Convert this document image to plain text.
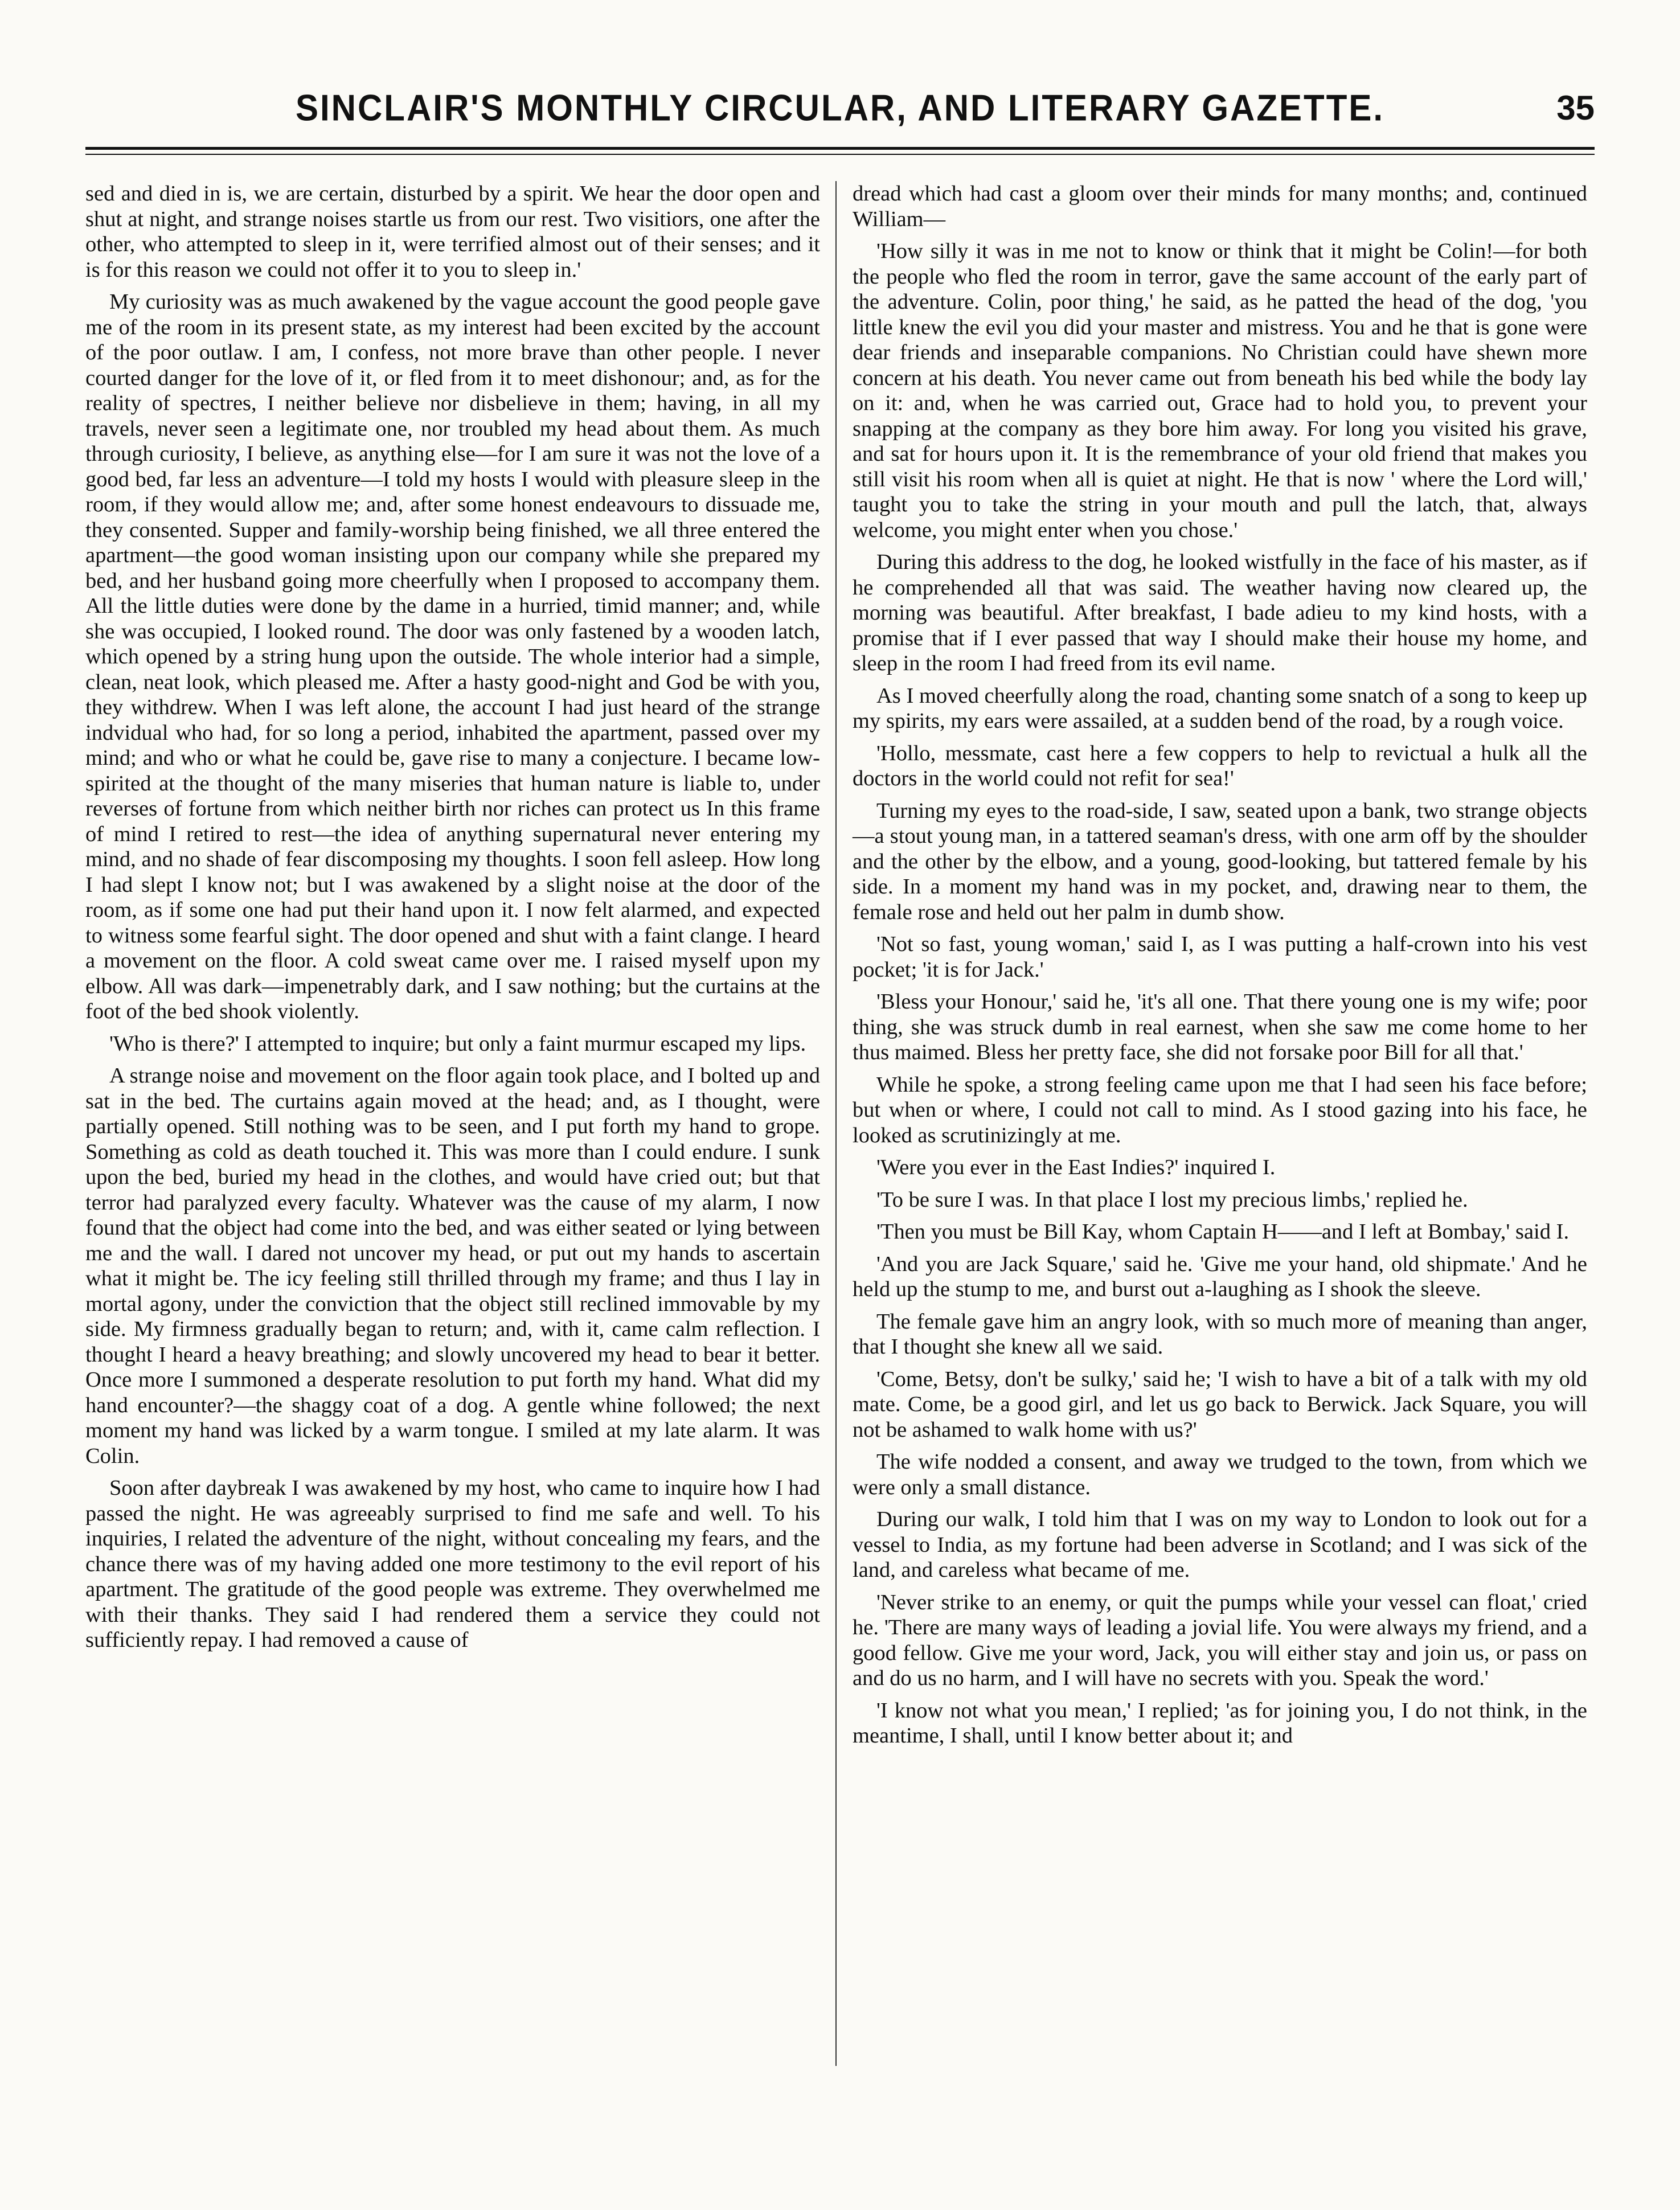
SINCLAIR'S MONTHLY CIRCULAR, AND LITERARY GAZETTE.	35

sed and died in is, we are certain, disturbed by a spirit. We hear the door open and shut at night, and strange noises startle us from our rest. Two visitiors, one after the other, who attempted to sleep in it, were terrified almost out of their senses; and it is for this reason we could not offer it to you to sleep in.'

My curiosity was as much awakened by the vague account the good people gave me of the room in its present state, as my interest had been excited by the account of the poor outlaw. I am, I confess, not more brave than other people. I never courted danger for the love of it, or fled from it to meet dishonour; and, as for the reality of spectres, I neither believe nor disbelieve in them; having, in all my travels, never seen a legitimate one, nor troubled my head about them. As much through curiosity, I believe, as anything else—for I am sure it was not the love of a good bed, far less an adventure—I told my hosts I would with pleasure sleep in the room, if they would allow me; and, after some honest endeavours to dissuade me, they consented. Supper and family-worship being finished, we all three entered the apartment—the good woman insisting upon our company while she prepared my bed, and her husband going more cheerfully when I proposed to accompany them. All the little duties were done by the dame in a hurried, timid manner; and, while she was occupied, I looked round. The door was only fastened by a wooden latch, which opened by a string hung upon the outside. The whole interior had a simple, clean, neat look, which pleased me. After a hasty good-night and God be with you, they withdrew. When I was left alone, the account I had just heard of the strange indvidual who had, for so long a period, inhabited the apartment, passed over my mind; and who or what he could be, gave rise to many a conjecture. I became low-spirited at the thought of the many miseries that human nature is liable to, under reverses of fortune from which neither birth nor riches can protect us In this frame of mind I retired to rest—the idea of anything supernatural never entering my mind, and no shade of fear discomposing my thoughts. I soon fell asleep. How long I had slept I know not; but I was awakened by a slight noise at the door of the room, as if some one had put their hand upon it. I now felt alarmed, and expected to witness some fearful sight. The door opened and shut with a faint clange. I heard a movement on the floor. A cold sweat came over me. I raised myself upon my elbow. All was dark—impenetrably dark, and I saw nothing; but the curtains at the foot of the bed shook violently.

'Who is there?' I attempted to inquire; but only a faint murmur escaped my lips.

A strange noise and movement on the floor again took place, and I bolted up and sat in the bed. The curtains again moved at the head; and, as I thought, were partially opened. Still nothing was to be seen, and I put forth my hand to grope. Something as cold as death touched it. This was more than I could endure. I sunk upon the bed, buried my head in the clothes, and would have cried out; but that terror had paralyzed every faculty. Whatever was the cause of my alarm, I now found that the object had come into the bed, and was either seated or lying between me and the wall. I dared not uncover my head, or put out my hands to ascertain what it might be. The icy feeling still thrilled through my frame; and thus I lay in mortal agony, under the conviction that the object still reclined immovable by my side. My firmness gradually began to return; and, with it, came calm reflection. I thought I heard a heavy breathing; and slowly uncovered my head to bear it better. Once more I summoned a desperate resolution to put forth my hand. What did my hand encounter?—the shaggy coat of a dog. A gentle whine followed; the next moment my hand was licked by a warm tongue. I smiled at my late alarm. It was Colin.

Soon after daybreak I was awakened by my host, who came to inquire how I had passed the night. He was agreeably surprised to find me safe and well. To his inquiries, I related the adventure of the night, without concealing my fears, and the chance there was of my having added one more testimony to the evil report of his apartment. The gratitude of the good people was extreme. They overwhelmed me with their thanks. They said I had rendered them a service they could not sufficiently repay. I had removed a cause of

dread which had cast a gloom over their minds for many months; and, continued William—

'How silly it was in me not to know or think that it might be Colin!—for both the people who fled the room in terror, gave the same account of the early part of the adventure. Colin, poor thing,' he said, as he patted the head of the dog, 'you little knew the evil you did your master and mistress. You and he that is gone were dear friends and inseparable companions. No Christian could have shewn more concern at his death. You never came out from beneath his bed while the body lay on it: and, when he was carried out, Grace had to hold you, to prevent your snapping at the company as they bore him away. For long you visited his grave, and sat for hours upon it. It is the remembrance of your old friend that makes you still visit his room when all is quiet at night. He that is now ' where the Lord will,' taught you to take the string in your mouth and pull the latch, that, always welcome, you might enter when you chose.'

During this address to the dog, he looked wistfully in the face of his master, as if he comprehended all that was said. The weather having now cleared up, the morning was beautiful. After breakfast, I bade adieu to my kind hosts, with a promise that if I ever passed that way I should make their house my home, and sleep in the room I had freed from its evil name.

As I moved cheerfully along the road, chanting some snatch of a song to keep up my spirits, my ears were assailed, at a sudden bend of the road, by a rough voice.

'Hollo, messmate, cast here a few coppers to help to revictual a hulk all the doctors in the world could not refit for sea!'

Turning my eyes to the road-side, I saw, seated upon a bank, two strange objects—a stout young man, in a tattered seaman's dress, with one arm off by the shoulder and the other by the elbow, and a young, good-looking, but tattered female by his side. In a moment my hand was in my pocket, and, drawing near to them, the female rose and held out her palm in dumb show.

'Not so fast, young woman,' said I, as I was putting a half-crown into his vest pocket; 'it is for Jack.'

'Bless your Honour,' said he, 'it's all one. That there young one is my wife; poor thing, she was struck dumb in real earnest, when she saw me come home to her thus maimed. Bless her pretty face, she did not forsake poor Bill for all that.'

While he spoke, a strong feeling came upon me that I had seen his face before; but when or where, I could not call to mind. As I stood gazing into his face, he looked as scrutinizingly at me.

'Were you ever in the East Indies?' inquired I.

'To be sure I was. In that place I lost my precious limbs,' replied he.

'Then you must be Bill Kay, whom Captain H——and I left at Bombay,' said I.

'And you are Jack Square,' said he. 'Give me your hand, old shipmate.' And he held up the stump to me, and burst out a-laughing as I shook the sleeve.

The female gave him an angry look, with so much more of meaning than anger, that I thought she knew all we said.

'Come, Betsy, don't be sulky,' said he; 'I wish to have a bit of a talk with my old mate. Come, be a good girl, and let us go back to Berwick. Jack Square, you will not be ashamed to walk home with us?'

The wife nodded a consent, and away we trudged to the town, from which we were only a small distance.

During our walk, I told him that I was on my way to London to look out for a vessel to India, as my fortune had been adverse in Scotland; and I was sick of the land, and careless what became of me.

'Never strike to an enemy, or quit the pumps while your vessel can float,' cried he. 'There are many ways of leading a jovial life. You were always my friend, and a good fellow. Give me your word, Jack, you will either stay and join us, or pass on and do us no harm, and I will have no secrets with you. Speak the word.'

'I know not what you mean,' I replied; 'as for joining you, I do not think, in the meantime, I shall, until I know better about it; and
